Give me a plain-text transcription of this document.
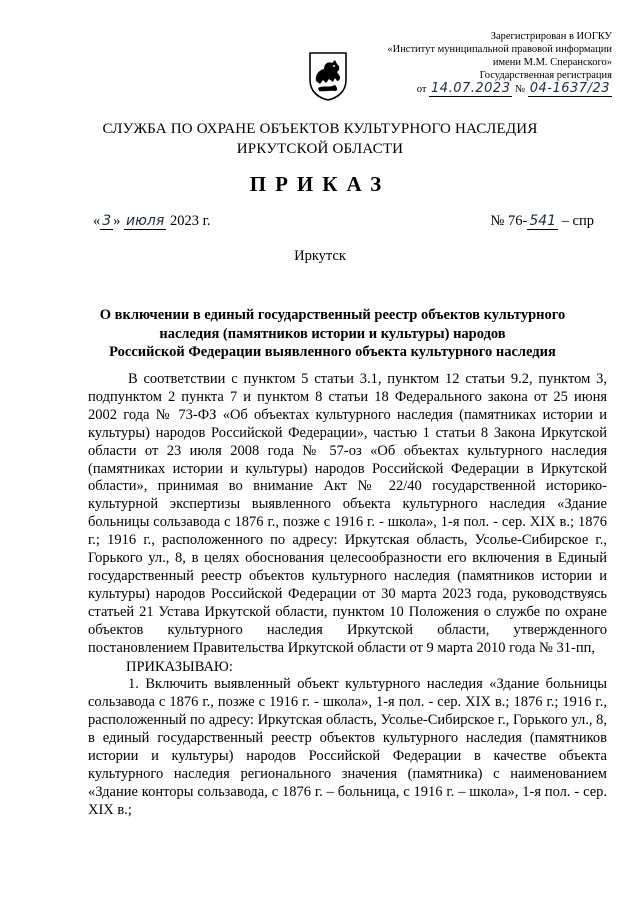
Зарегистрирован в ИОГКУ
«Институт муниципальной правовой информации
имени М.М. Сперанского»
Государственная регистрация
от 14.07.2023 № 04-1637/23
СЛУЖБА ПО ОХРАНЕ ОБЪЕКТОВ КУЛЬТУРНОГО НАСЛЕДИЯ
ИРКУТСКОЙ ОБЛАСТИ
ПРИКАЗ
« 3 » июля 2023 г.	№ 76- 541 – спр
Иркутск
О включении в единый государственный реестр объектов культурного
наследия (памятников истории и культуры) народов
Российской Федерации выявленного объекта культурного наследия

В соответствии с пунктом 5 статьи 3.1, пунктом 12 статьи 9.2, пунктом 3, подпунктом 2 пункта 7 и пунктом 8 статьи 18 Федерального закона от 25 июня 2002 года № 73-ФЗ «Об объектах культурного наследия (памятниках истории и культуры) народов Российской Федерации», частью 1 статьи 8 Закона Иркутской области от 23 июля 2008 года № 57-оз «Об объектах культурного наследия (памятниках истории и культуры) народов Российской Федерации в Иркутской области», принимая во внимание Акт № 22/40 государственной историко-культурной экспертизы выявленного объекта культурного наследия «Здание больницы сользавода с 1876 г., позже с 1916 г. - школа», 1-я пол. - сер. XIX в.; 1876 г.; 1916 г., расположенного по адресу: Иркутская область, Усолье-Сибирское г., Горького ул., 8, в целях обоснования целесообразности его включения в Единый государственный реестр объектов культурного наследия (памятников истории и культуры) народов Российской Федерации от 30 марта 2023 года, руководствуясь статьей 21 Устава Иркутской области, пунктом 10 Положения о службе по охране объектов культурного наследия Иркутской области, утвержденного постановлением Правительства Иркутской области от 9 марта 2010 года № 31-пп,

ПРИКАЗЫВАЮ:

1. Включить выявленный объект культурного наследия «Здание больницы сользавода с 1876 г., позже с 1916 г. - школа», 1-я пол. - сер. XIX в.; 1876 г.; 1916 г., расположенный по адресу: Иркутская область, Усолье-Сибирское г., Горького ул., 8, в единый государственный реестр объектов культурного наследия (памятников истории и культуры) народов Российской Федерации в качестве объекта культурного наследия регионального значения (памятника) с наименованием «Здание конторы сользавода, с 1876 г. – больница, с 1916 г. – школа», 1-я пол. - сер. XIX в.;
